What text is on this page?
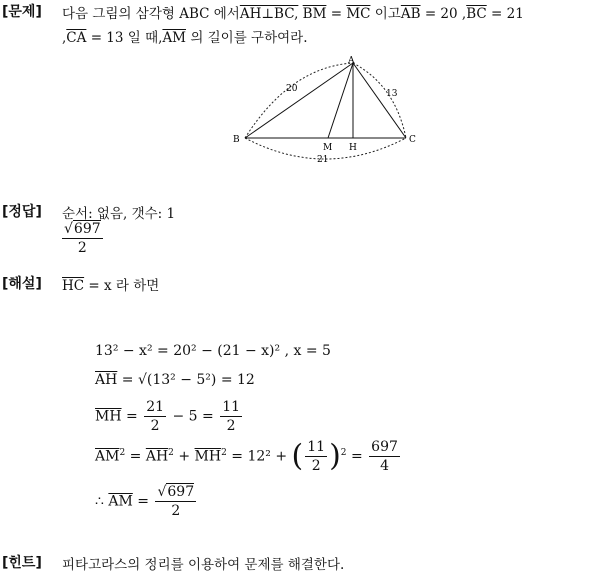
[문제] 다음 그림의 삼각형 ABC 에서AH⊥BC, $\overline{BM} = \overline{MC}$ 이고$\overline{AB} = 20$ $,\overline{BC} = 21$
$,\overline{CA} = 13$ 일 때$,\overline{AM}$ 의 길이를 구하여라.
A
B	C
M H
20	13
21
[정답] 순서: 없음, 갯수: 1
$\frac{√697}{2}$
[해설] $\overline{HC} = x$ 라 하면
13² − x² = 20² − (21 − x)² , x = 5
$\overline{AH} = √(13^2 - 5^2) = 12$
$\overline{MH} = \frac{21}{2} - 5 = \frac{11}{2}$
$\overline{AM}^2 = \overline{AH}^2 + \overline{MH}^2 = 12^2$ + ( $\frac{11}{2} )^2 = \frac{697}{4}$
∴ $\overline{AM} = \frac{√697}{2}$
[힌트] 피타고라스의 정리를 이용하여 문제를 해결한다.
